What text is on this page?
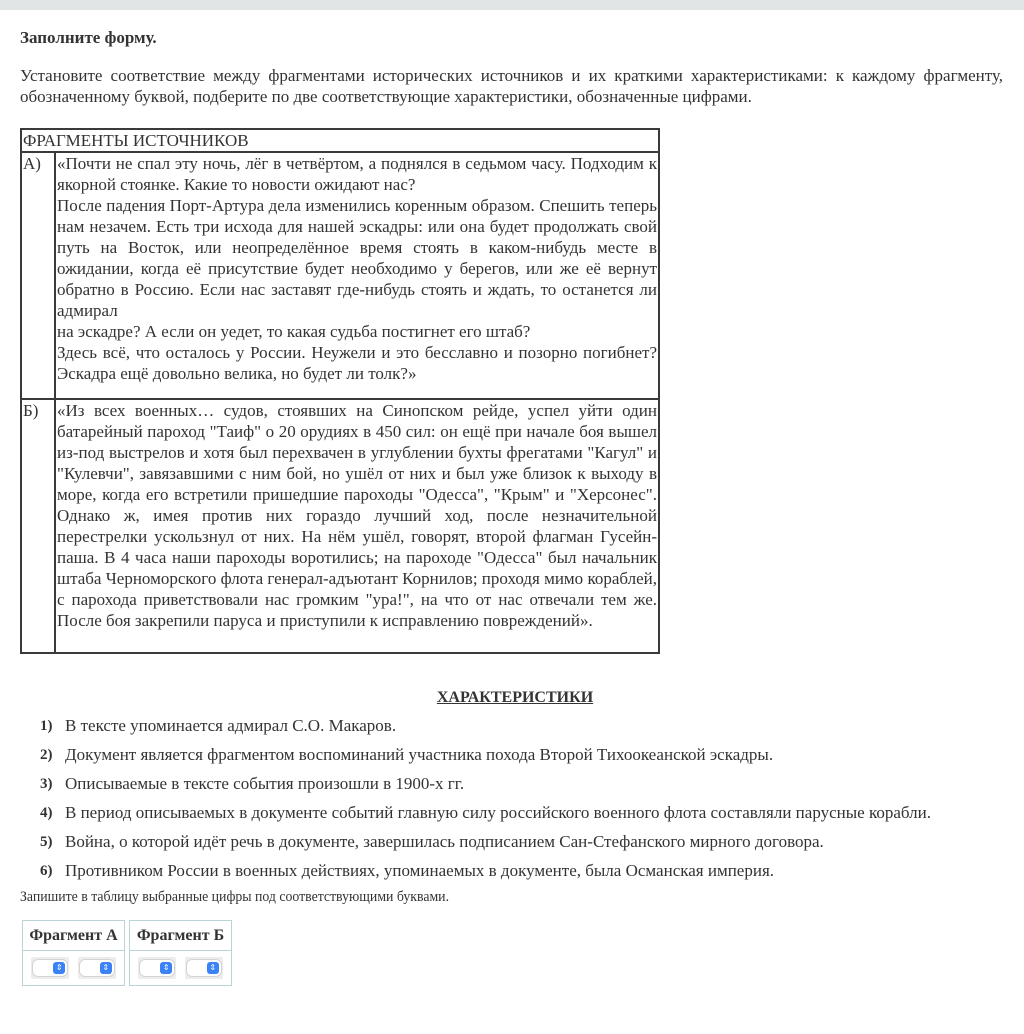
Заполните форму.
Установите соответствие между фрагментами исторических источников и их краткими характеристиками: к каждому фрагменту, обозначенному буквой, подберите по две соответствующие характеристики, обозначенные цифрами.
ФРАГМЕНТЫ ИСТОЧНИКОВ	
А)	«Почти не спал эту ночь, лёг в четвёртом, а поднялся в седьмом часу. Подходим к якорной стоянке. Какие то новости ожидают нас?

После падения Порт-Артура дела изменились коренным образом. Спешить теперь нам незачем. Есть три исхода для нашей эскадры: или она будет продолжать свой путь на Восток, или неопределённое время стоять в каком-нибудь месте в ожидании, когда её присутствие будет необходимо у берегов, или же её вернут обратно в Россию. Если нас заставят где-нибудь стоять и ждать, то останется ли адмирал

на эскадре? А если он уедет, то какая судьба постигнет его штаб?

Здесь всё, что осталось у России. Неужели и это бесславно и позорно погибнет? Эскадра ещё довольно велика, но будет ли толк?»

Б)	«Из всех военных… судов, стоявших на Синопском рейде, успел уйти один батарейный пароход "Таиф" о 20 орудиях в 450 сил: он ещё при начале боя вышел из-под выстрелов и хотя был перехвачен в углублении бухты фрегатами "Кагул" и "Кулевчи", завязавшими с ним бой, но ушёл от них и был уже близок к выходу в море, когда его встретили пришедшие пароходы "Одесса", "Крым" и "Херсонес". Однако ж, имея против них гораздо лучший ход, после незначительной перестрелки ускользнул от них. На нём ушёл, говорят, второй флагман Гусейн-паша. В 4 часа наши пароходы воротились; на пароходе "Одесса" был начальник штаба Черноморского флота генерал-адъютант Корнилов; проходя мимо кораблей, с парохода приветствовали нас громким "ура!", на что от нас отвечали тем же. После боя закрепили паруса и приступили к исправлению повреждений».

ХАРАКТЕРИСТИКИ
1) В тексте упоминается адмирал С.О. Макаров.
2) Документ является фрагментом воспоминаний участника похода Второй Тихоокеанской эскадры.
3) Описываемые в тексте события произошли в 1900-х гг.
4) В период описываемых в документе событий главную силу российского военного флота составляли парусные корабли.
5) Война, о которой идёт речь в документе, завершилась подписанием Сан-Стефанского мирного договора.
6) Противником России в военных действиях, упоминаемых в документе, была Османская империя.
Запишите в таблицу выбранные цифры под соответствующими буквами.
Фрагмент А
⇕	⇕
Фрагмент Б
⇕	⇕
